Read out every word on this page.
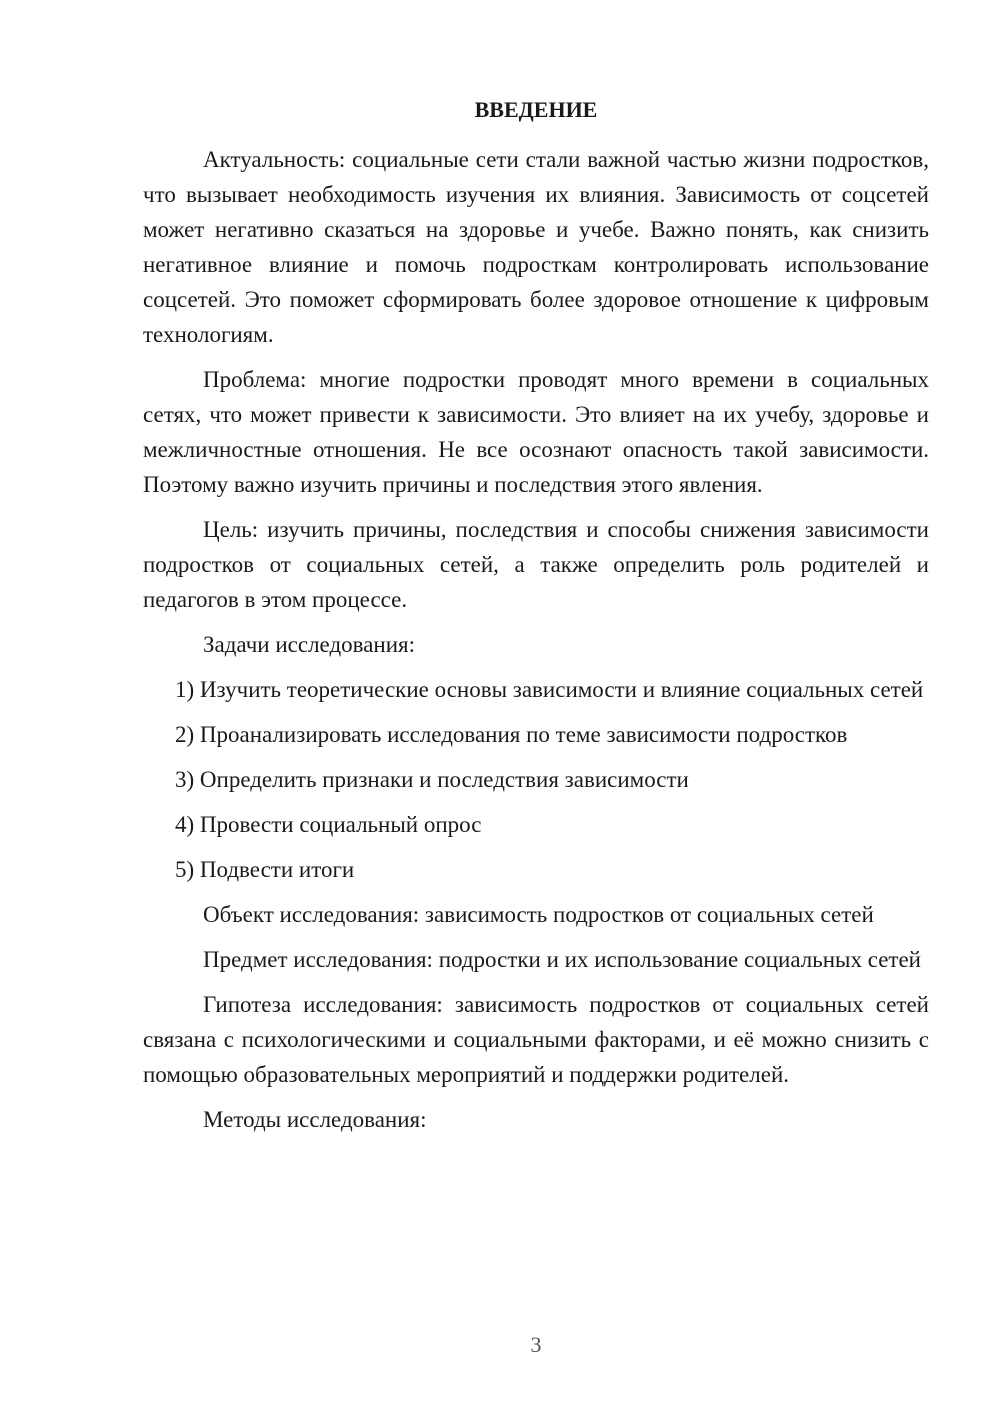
ВВЕДЕНИЕ

Актуальность: социальные сети стали важной частью жизни подростков, что вызывает необходимость изучения их влияния. Зависимость от соцсетей может негативно сказаться на здоровье и учебе. Важно понять, как снизить негативное влияние и помочь подросткам контролировать использование соцсетей. Это поможет сформировать более здоровое отношение к цифровым технологиям.

Проблема: многие подростки проводят много времени в социальных сетях, что может привести к зависимости. Это влияет на их учебу, здоровье и межличностные отношения. Не все осознают опасность такой зависимости. Поэтому важно изучить причины и последствия этого явления.

Цель: изучить причины, последствия и способы снижения зависимости подростков от социальных сетей, а также определить роль родителей и педагогов в этом процессе.

Задачи исследования:

1) Изучить теоретические основы зависимости и влияние социальных сетей

2) Проанализировать исследования по теме зависимости подростков

3) Определить признаки и последствия зависимости

4) Провести социальный опрос

5) Подвести итоги

Объект исследования: зависимость подростков от социальных сетей

Предмет исследования: подростки и их использование социальных сетей

Гипотеза исследования: зависимость подростков от социальных сетей связана с психологическими и социальными факторами, и её можно снизить с помощью образовательных мероприятий и поддержки родителей.

Методы исследования:

3
